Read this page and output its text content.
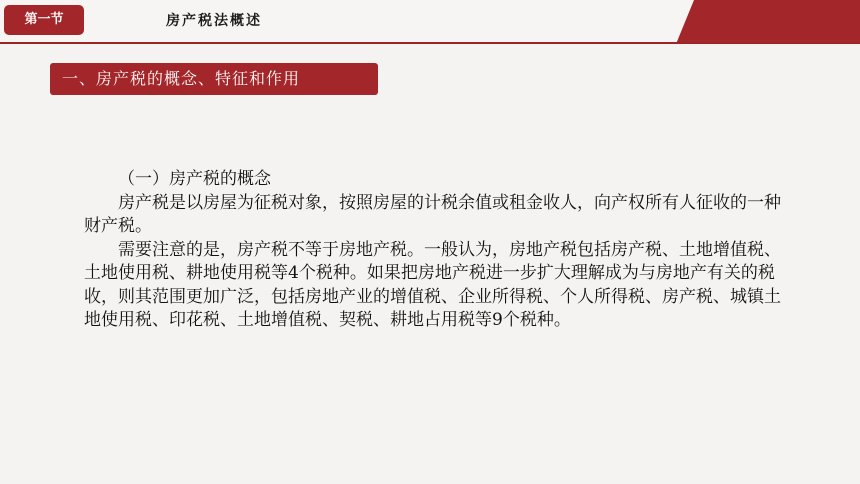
第一节	房产税法概述
一、房产税的概念、特征和作用

（一）房产税的概念

房产税是以房屋为征税对象，按照房屋的计税余值或租金收人，向产权所有人征收的一种财产税。

需要注意的是，房产税不等于房地产税。一般认为，房地产税包括房产税、土地增值税、土地使用税、耕地使用税等4个税种。如果把房地产税进一步扩大理解成为与房地产有关的税收，则其范围更加广泛，包括房地产业的增值税、企业所得税、个人所得税、房产税、城镇土地使用税、印花税、土地增值税、契税、耕地占用税等9个税种。
